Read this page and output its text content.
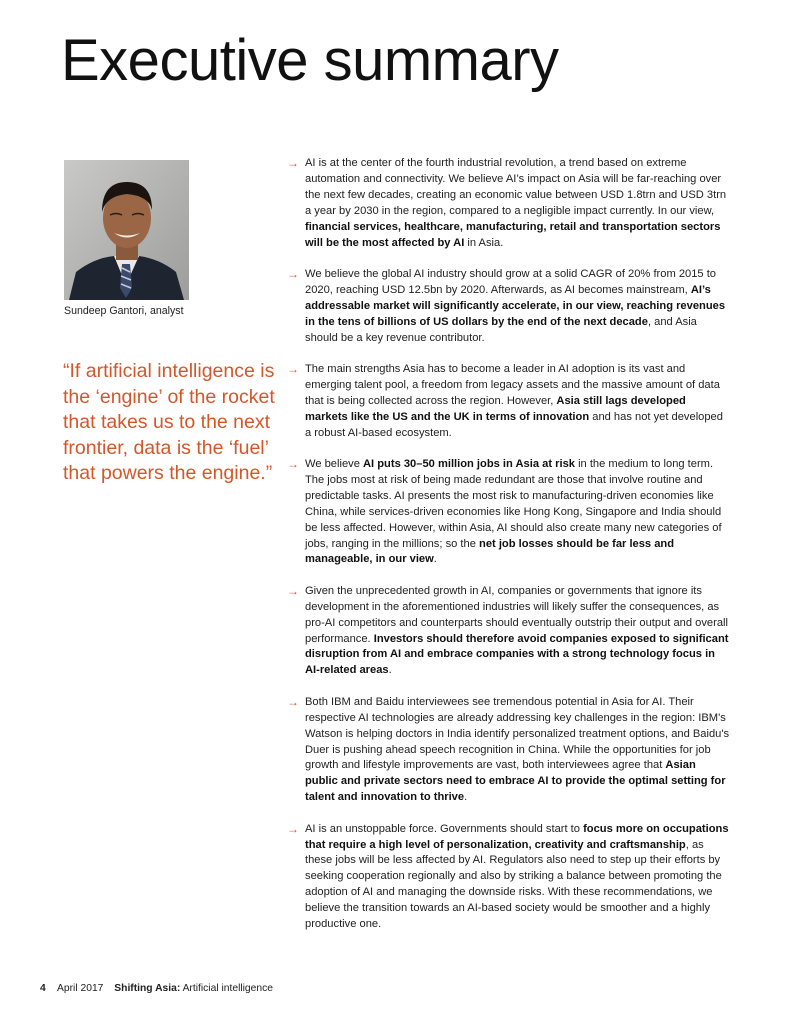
Executive summary
Sundeep Gantori, analyst
“If artificial intelligence is the ‘engine’ of the rocket that takes us to the next frontier, data is the ‘fuel’ that powers the engine.”
→ AI is at the center of the fourth industrial revolution, a trend based on extreme automation and connectivity. We believe AI’s impact on Asia will be far-reaching over the next few decades, creating an economic value between USD 1.8trn and USD 3trn a year by 2030 in the region, compared to a negligible impact currently. In our view, financial services, healthcare, manufacturing, retail and transportation sectors will be the most affected by AI in Asia.

→ We believe the global AI industry should grow at a solid CAGR of 20% from 2015 to 2020, reaching USD 12.5bn by 2020. Afterwards, as AI becomes mainstream, AI’s addressable market will significantly accelerate, in our view, reaching revenues in the tens of billions of US dollars by the end of the next decade, and Asia should be a key revenue contributor.

→ The main strengths Asia has to become a leader in AI adoption is its vast and emerging talent pool, a freedom from legacy assets and the massive amount of data that is being collected across the region. However, Asia still lags developed markets like the US and the UK in terms of innovation and has not yet developed a robust AI-based ecosystem.

→ We believe AI puts 30–50 million jobs in Asia at risk in the medium to long term. The jobs most at risk of being made redundant are those that involve routine and predictable tasks. AI presents the most risk to manufacturing-driven economies like China, while services-driven economies like Hong Kong, Singapore and India should be less affected. However, within Asia, AI should also create many new categories of jobs, ranging in the millions; so the net job losses should be far less and manageable, in our view.

→ Given the unprecedented growth in AI, companies or governments that ignore its development in the aforementioned industries will likely suffer the consequences, as pro-AI competitors and counterparts should eventually outstrip their output and overall performance. Investors should therefore avoid companies exposed to significant disruption from AI and embrace companies with a strong technology focus in AI-related areas.

→ Both IBM and Baidu interviewees see tremendous potential in Asia for AI. Their respective AI technologies are already addressing key challenges in the region: IBM's Watson is helping doctors in India identify personalized treatment options, and Baidu's Duer is pushing ahead speech recognition in China. While the opportunities for job growth and lifestyle improvements are vast, both interviewees agree that Asian public and private sectors need to embrace AI to provide the optimal setting for talent and innovation to thrive.

→ AI is an unstoppable force. Governments should start to focus more on occupations that require a high level of personalization, creativity and craftsmanship, as these jobs will be less affected by AI. Regulators also need to step up their efforts by seeking cooperation regionally and also by striking a balance between promoting the adoption of AI and managing the downside risks. With these recommendations, we believe the transition towards an AI-based society would be smoother and a highly productive one.

4 April 2017 Shifting Asia: Artificial intelligence
